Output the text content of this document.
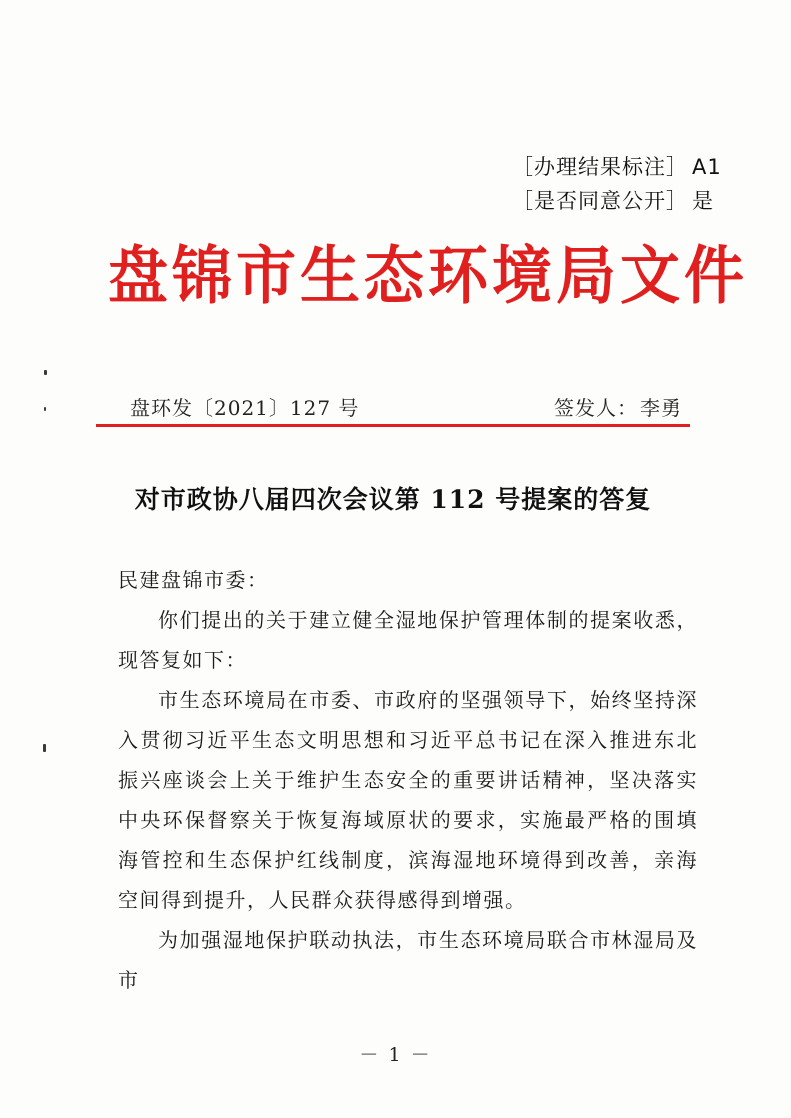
［办理结果标注］ A1
［是否同意公开］ 是
盘锦市生态环境局文件
盘环发〔2021〕127 号	签发人： 李勇
对市政协八届四次会议第 112 号提案的答复

民建盘锦市委：

你们提出的关于建立健全湿地保护管理体制的提案收悉，现答复如下：

市生态环境局在市委、市政府的坚强领导下，始终坚持深入贯彻习近平生态文明思想和习近平总书记在深入推进东北振兴座谈会上关于维护生态安全的重要讲话精神，坚决落实中央环保督察关于恢复海域原状的要求，实施最严格的围填海管控和生态保护红线制度，滨海湿地环境得到改善，亲海空间得到提升，人民群众获得感得到增强。

为加强湿地保护联动执法，市生态环境局联合市林湿局及市

－ 1 －
